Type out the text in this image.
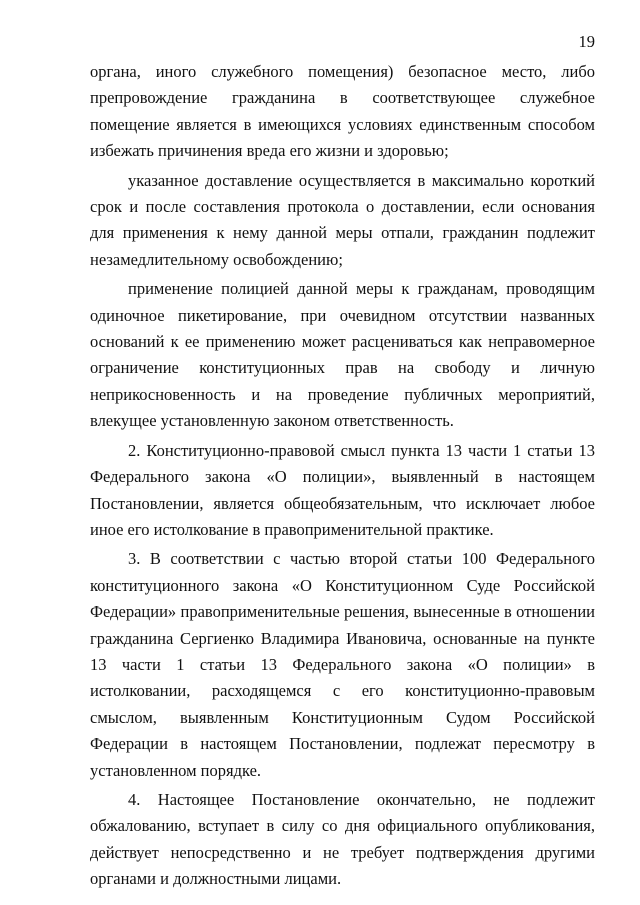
19

органа, иного служебного помещения) безопасное место, либо препровождение гражданина в соответствующее служебное помещение является в имеющихся условиях единственным способом избежать причинения вреда его жизни и здоровью;

указанное доставление осуществляется в максимально короткий срок и после составления протокола о доставлении, если основания для применения к нему данной меры отпали, гражданин подлежит незамедлительному освобождению;

применение полицией данной меры к гражданам, проводящим одиночное пикетирование, при очевидном отсутствии названных оснований к ее применению может расцениваться как неправомерное ограничение конституционных прав на свободу и личную неприкосновенность и на проведение публичных мероприятий, влекущее установленную законом ответственность.

2. Конституционно-правовой смысл пункта 13 части 1 статьи 13 Федерального закона «О полиции», выявленный в настоящем Постановлении, является общеобязательным, что исключает любое иное его истолкование в правоприменительной практике.

3. В соответствии с частью второй статьи 100 Федерального конституционного закона «О Конституционном Суде Российской Федерации» правоприменительные решения, вынесенные в отношении гражданина Сергиенко Владимира Ивановича, основанные на пункте 13 части 1 статьи 13 Федерального закона «О полиции» в истолковании, расходящемся с его конституционно-правовым смыслом, выявленным Конституционным Судом Российской Федерации в настоящем Постановлении, подлежат пересмотру в установленном порядке.

4. Настоящее Постановление окончательно, не подлежит обжалованию, вступает в силу со дня официального опубликования, действует непосредственно и не требует подтверждения другими органами и должностными лицами.
